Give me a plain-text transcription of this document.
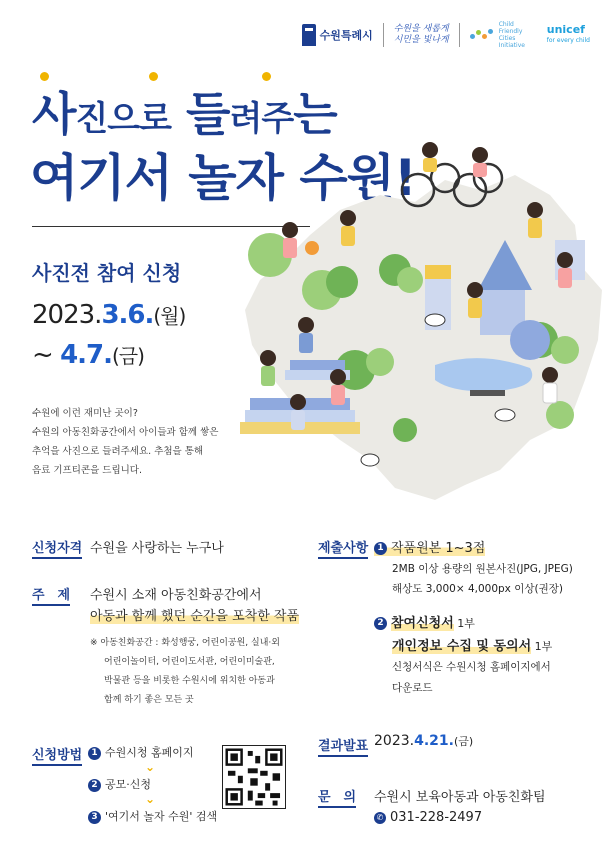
수원특례시 수원을 새롭게
시민을 빛나게
Child Friendly Cities Initiative
unicef
for every child
사진으로 들려주는
여기서 놀자 수원!
사진전 참여 신청
2023.3.6.(월)
~ 4.7.(금)
수원에 이런 재미난 곳이?
수원의 아동친화공간에서 아이들과 함께 쌓은
추억을 사진으로 들려주세요. 추첨을 통해
음료 기프티콘을 드립니다.
신청자격 수원을 사랑하는 누구나
주　제 수원시 소재 아동친화공간에서
아동과 함께 했던 순간을 포착한 작품
※ 아동친화공간 : 화성행궁, 어린이공원, 실내·외
어린이놀이터, 어린이도서관, 어린이미술관,
박물관 등을 비롯한 수원시에 위치한 아동과
함께 하기 좋은 모든 곳
신청방법	1 수원시청 홈페이지
⌄
2 공모·신청
⌄
3 '여기서 놀자 수원' 검색
제출사항	1 작품원본 1~3점
2MB 이상 용량의 원본사진(JPG, JPEG)
해상도 3,000× 4,000px 이상(권장)
2 참여신청서 1부
개인정보 수집 및 동의서 1부
신청서식은 수원시청 홈페이지에서
다운로드
결과발표 2023.4.21.(금)
문　의 수원시 보육아동과 아동친화팀
✆ 031-228-2497
